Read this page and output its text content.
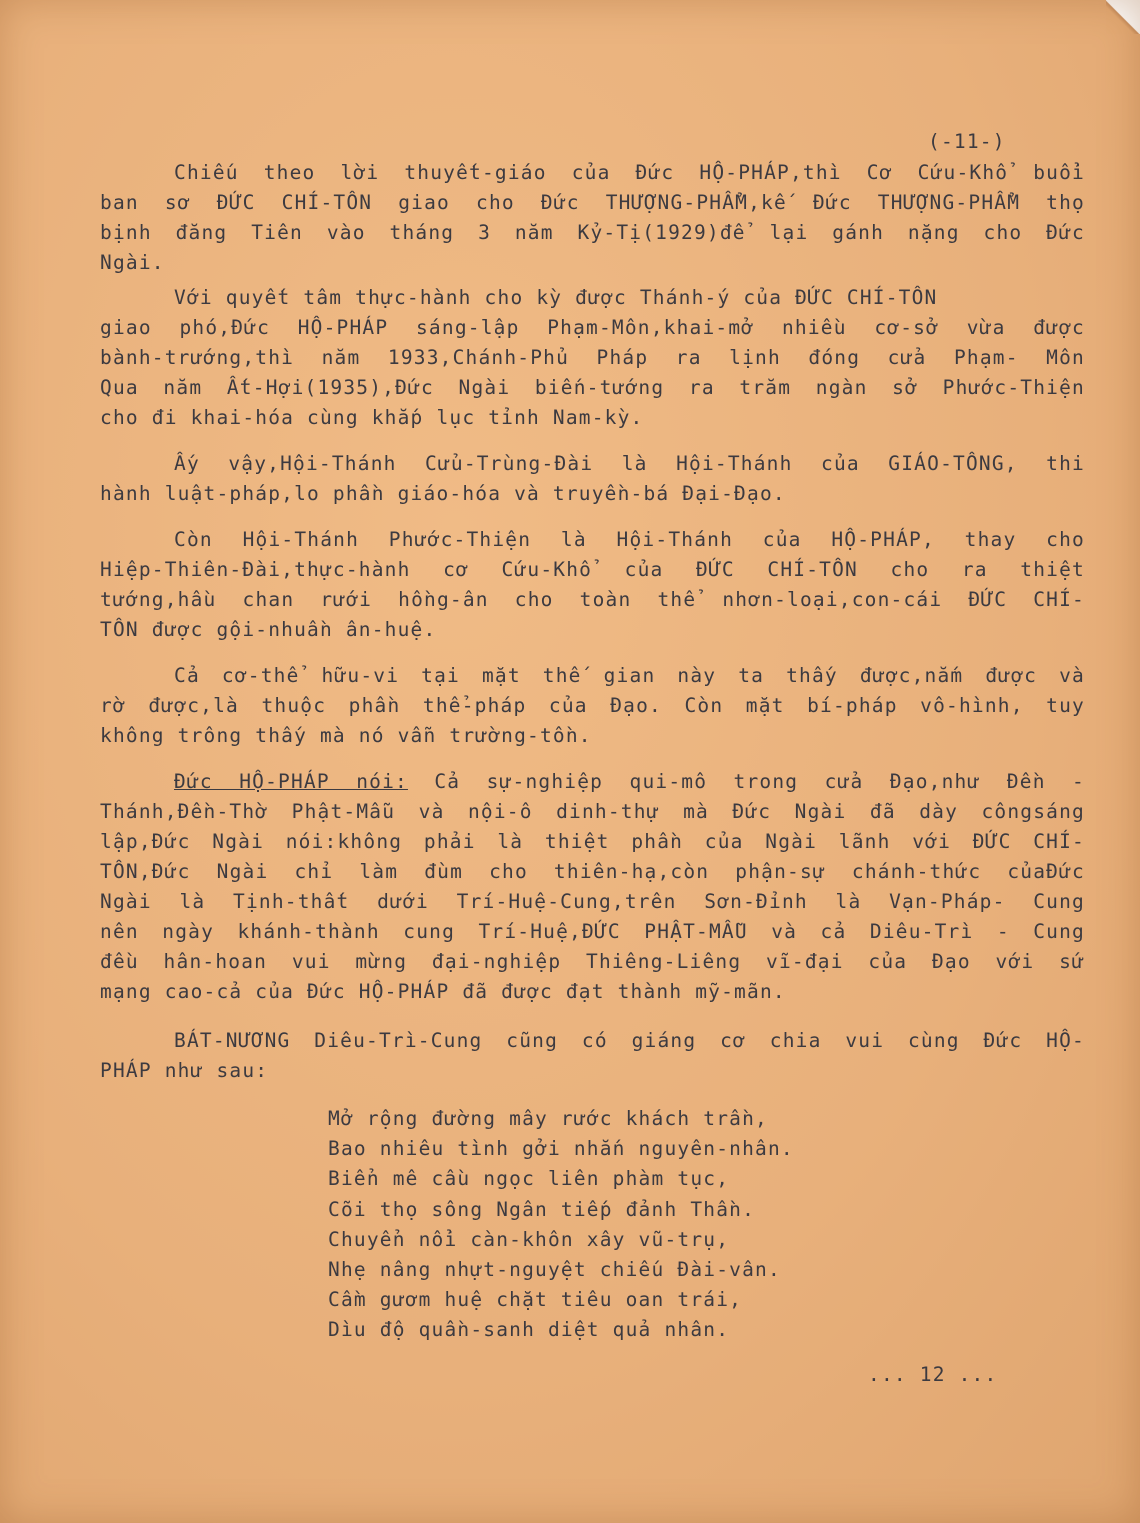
(-11-)
Chiếu theo lời thuyết-giáo của Đức HỘ-PHÁP,thì Cơ Cứu-Khổ buổi
ban sơ ĐỨC CHÍ-TÔN giao cho Đức THƯỢNG-PHẨM,kế Đức THƯỢNG-PHẨM thọ
bịnh đăng Tiên vào tháng 3 năm Kỷ-Tị(1929)để lại gánh nặng cho Đức
Ngài.
Với quyết tâm thực-hành cho kỳ được Thánh-ý của ĐỨC CHÍ-TÔN
giao phó,Đức HỘ-PHÁP sáng-lập Phạm-Môn,khai-mở nhiều cơ-sở vừa được
bành-trướng,thì năm 1933,Chánh-Phủ Pháp ra lịnh đóng cửa Phạm- Môn
Qua năm Ất-Hợi(1935),Đức Ngài biến-tướng ra trăm ngàn sở Phước-Thiện
cho đi khai-hóa cùng khắp lục tỉnh Nam-kỳ.
Ấy vậy,Hội-Thánh Cửu-Trùng-Đài là Hội-Thánh của GIÁO-TÔNG, thi
hành luật-pháp,lo phần giáo-hóa và truyền-bá Đại-Đạo.
Còn Hội-Thánh Phước-Thiện là Hội-Thánh của HỘ-PHÁP, thay cho
Hiệp-Thiên-Đài,thực-hành cơ Cứu-Khổ của ĐỨC CHÍ-TÔN cho ra thiệt
tướng,hầu chan rưới hồng-ân cho toàn thể nhơn-loại,con-cái ĐỨC CHÍ-
TÔN được gội-nhuần ân-huệ.
Cả cơ-thể hữu-vi tại mặt thế gian này ta thấy được,nắm được và
rờ được,là thuộc phần thể-pháp của Đạo. Còn mặt bí-pháp vô-hình, tuy
không trông thấy mà nó vẫn trường-tồn.
Đức HỘ-PHÁP nói: Cả sự-nghiệp qui-mô trong cửa Đạo,như Đền -
Thánh,Đền-Thờ Phật-Mẫu và nội-ô dinh-thự mà Đức Ngài đã dày côngsáng
lập,Đức Ngài nói:không phải là thiệt phần của Ngài lãnh với ĐỨC CHÍ-
TÔN,Đức Ngài chỉ làm đùm cho thiên-hạ,còn phận-sự chánh-thức củaĐức
Ngài là Tịnh-thất dưới Trí-Huệ-Cung,trên Sơn-Đỉnh là Vạn-Pháp- Cung
nên ngày khánh-thành cung Trí-Huệ,ĐỨC PHẬT-MẪU và cả Diêu-Trì - Cung
đều hân-hoan vui mừng đại-nghiệp Thiêng-Liêng vĩ-đại của Đạo với sứ
mạng cao-cả của Đức HỘ-PHÁP đã được đạt thành mỹ-mãn.
BÁT-NƯƠNG Diêu-Trì-Cung cũng có giáng cơ chia vui cùng Đức HỘ-
PHÁP như sau:
Mở rộng đường mây rước khách trần,
Bao nhiêu tình gởi nhắn nguyên-nhân.
Biển mê cầu ngọc liên phàm tục,
Cõi thọ sông Ngân tiếp đảnh Thần.
Chuyển nổi càn-khôn xây vũ-trụ,
Nhẹ nâng nhựt-nguyệt chiếu Đài-vân.
Cầm gươm huệ chặt tiêu oan trái,
Dìu độ quần-sanh diệt quả nhân.
... 12 ...
